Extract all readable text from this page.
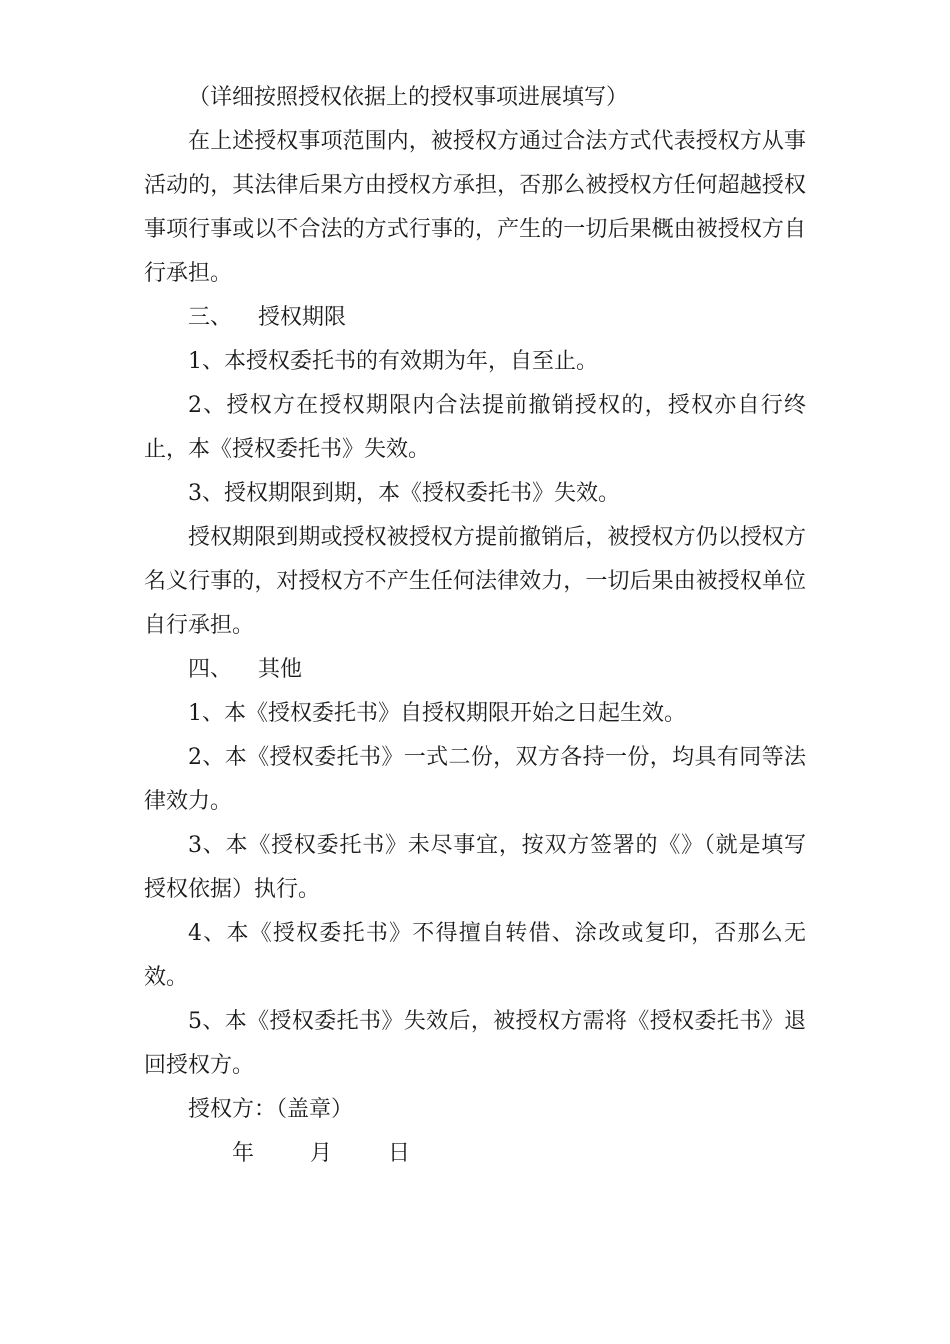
（详细按照授权依据上的授权事项进展填写）

在上述授权事项范围内，被授权方通过合法方式代表授权方从事活动的，其法律后果方由授权方承担，否那么被授权方任何超越授权事项行事或以不合法的方式行事的，产生的一切后果概由被授权方自行承担。

三、 授权期限

1、本授权委托书的有效期为年，自至止。

2、授权方在授权期限内合法提前撤销授权的，授权亦自行终止，本《授权委托书》失效。

3、授权期限到期，本《授权委托书》失效。

授权期限到期或授权被授权方提前撤销后，被授权方仍以授权方名义行事的，对授权方不产生任何法律效力，一切后果由被授权单位自行承担。

四、 其他

1、本《授权委托书》自授权期限开始之日起生效。

2、本《授权委托书》一式二份，双方各持一份，均具有同等法律效力。

3、本《授权委托书》未尽事宜，按双方签署的《》（就是填写授权依据）执行。

4、本《授权委托书》不得擅自转借、涂改或复印，否那么无效。

5、本《授权委托书》失效后，被授权方需将《授权委托书》退回授权方。

授权方：（盖章）

年	月	日
